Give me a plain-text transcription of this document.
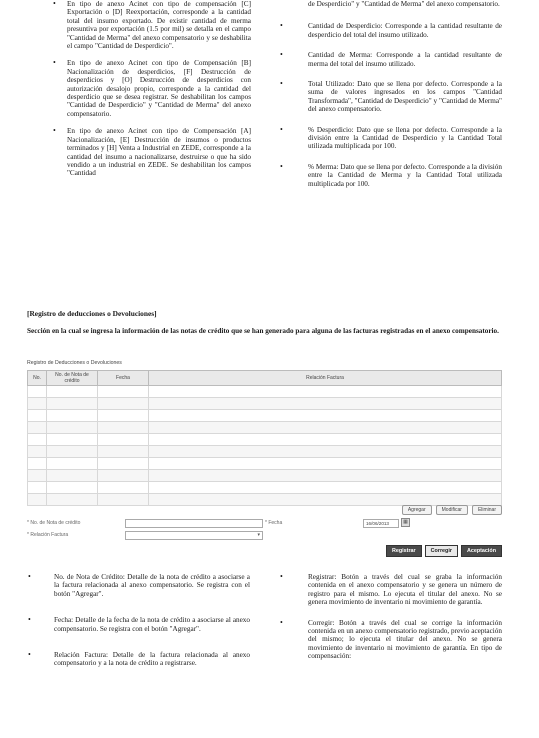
• En tipo de anexo Acinet con tipo de compensación [C] Exportación o [D] Reexportación, corresponde a la cantidad total del insumo exportado. De existir cantidad de merma presuntiva por exportación (1.5 por mil) se detalla en el campo "Cantidad de Merma" del anexo compensatorio y se deshabilita el campo "Cantidad de Desperdicio".
• En tipo de anexo Acinet con tipo de Compensación [B] Nacionalización de desperdicios, [F] Destrucción de desperdicios y [O] Destrucción de desperdicios con autorización desalojo propio, corresponde a la cantidad del desperdicio que se desea registrar. Se deshabilitan los campos "Cantidad de Desperdicio" y "Cantidad de Merma" del anexo compensatorio.
• En tipo de anexo Acinet con tipo de Compensación [A] Nacionalización, [E] Destrucción de insumos o productos terminados y [H] Venta a Industrial en ZEDE, corresponde a la cantidad del insumo a nacionalizarse, destruirse o que ha sido vendido a un industrial en ZEDE. Se deshabilitan los campos "Cantidad
de Desperdicio" y "Cantidad de Merma" del anexo compensatorio.
•	Cantidad de Desperdicio: Corresponde a la cantidad resultante de desperdicio del total del insumo utilizado.
•	Cantidad de Merma: Corresponde a la cantidad resultante de merma del total del insumo utilizado.
•	Total Utilizado: Dato que se llena por defecto. Corresponde a la suma de valores ingresados en los campos "Cantidad Transformada", "Cantidad de Desperdicio" y "Cantidad de Merma" del anexo compensatorio.
•	% Desperdicio: Dato que se llena por defecto. Corresponde a la división entre la Cantidad de Desperdicio y la Cantidad Total utilizada multiplicada por 100.
•	% Merma: Dato que se llena por defecto. Corresponde a la división entre la Cantidad de Merma y la Cantidad Total utilizada multiplicada por 100.
[Registro de deducciones o Devoluciones]
Sección en la cual se ingresa la información de las notas de crédito que se han generado para alguna de las facturas registradas en el anexo compensatorio.
Registro de Deducciones o Devoluciones
No.	No. de Nota de crédito	Fecha	Relación Factura

Agregar	Modificar	Eliminar
* No. de Nota de crédito	* Fecha	16/06/2013	▦
* Relación Factura	▾
Registrar	Corregir	Aceptación
•	No. de Nota de Crédito: Detalle de la nota de crédito a asociarse a la factura relacionada al anexo compensatorio. Se registra con el botón "Agregar".
•	Fecha: Detalle de la fecha de la nota de crédito a asociarse al anexo compensatorio. Se registra con el botón "Agregar".
•	Relación Factura: Detalle de la factura relacionada al anexo compensatorio y a la nota de crédito a registrarse.
•	Registrar: Botón a través del cual se graba la información contenida en el anexo compensatorio y se genera un número de registro para el mismo. Lo ejecuta el titular del anexo. No se genera movimiento de inventario ni movimiento de garantía.
•	Corregir: Botón a través del cual se corrige la información contenida en un anexo compensatorio registrado, previo aceptación del mismo; lo ejecuta el titular del anexo. No se genera movimiento de inventario ni movimiento de garantía. En tipo de compensación:
